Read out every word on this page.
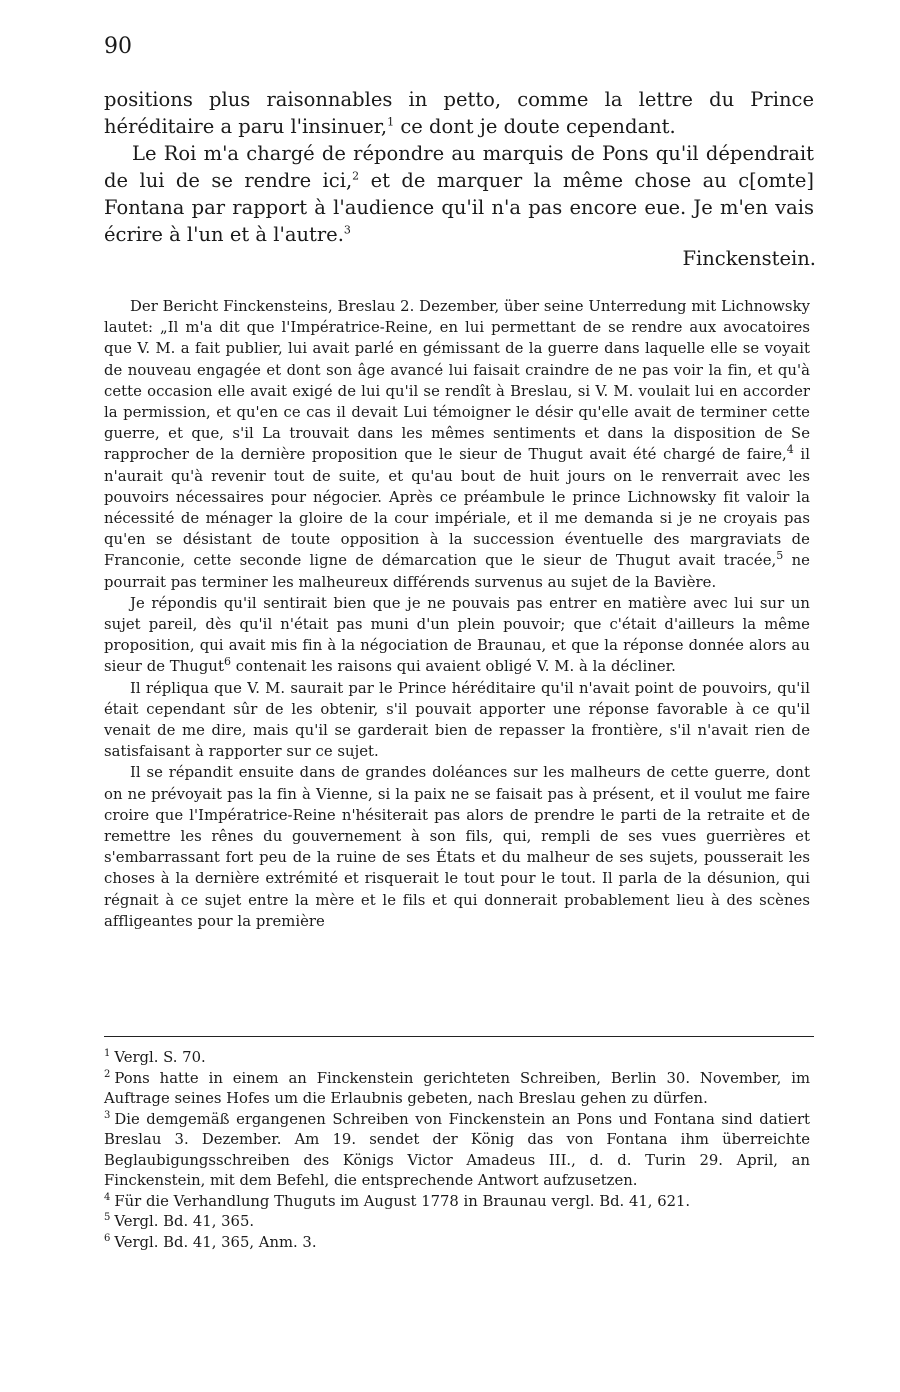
90

positions plus raisonnables in petto, comme la lettre du Prince héréditaire a paru l'insinuer,$^1$ ce dont je doute cependant.

Le Roi m'a chargé de répondre au marquis de Pons qu'il dépendrait de lui de se rendre ici,$^2$ et de marquer la même chose au c[omte] Fontana par rapport à l'audience qu'il n'a pas encore eue. Je m'en vais écrire à l'un et à l'autre.$^3$

Finckenstein.

Der Bericht Finckensteins, Breslau 2. Dezember, über seine Unterredung mit Lichnowsky lautet: „Il m'a dit que l'Impératrice-Reine, en lui permettant de se rendre aux avocatoires que V. M. a fait publier, lui avait parlé en gémissant de la guerre dans laquelle elle se voyait de nouveau engagée et dont son âge avancé lui faisait craindre de ne pas voir la fin, et qu'à cette occasion elle avait exigé de lui qu'il se rendît à Breslau, si V. M. voulait lui en accorder la permission, et qu'en ce cas il devait Lui témoigner le désir qu'elle avait de terminer cette guerre, et que, s'il La trouvait dans les mêmes sentiments et dans la disposition de Se rapprocher de la dernière proposition que le sieur de Thugut avait été chargé de faire,$^4$ il n'aurait qu'à revenir tout de suite, et qu'au bout de huit jours on le renverrait avec les pouvoirs nécessaires pour négocier. Après ce préambule le prince Lichnowsky fit valoir la nécessité de ménager la gloire de la cour impériale, et il me demanda si je ne croyais pas qu'en se désistant de toute opposition à la succession éventuelle des margraviats de Franconie, cette seconde ligne de démarcation que le sieur de Thugut avait tracée,$^5$ ne pourrait pas terminer les malheureux différends survenus au sujet de la Bavière.

Je répondis qu'il sentirait bien que je ne pouvais pas entrer en matière avec lui sur un sujet pareil, dès qu'il n'était pas muni d'un plein pouvoir; que c'était d'ailleurs la même proposition, qui avait mis fin à la négociation de Braunau, et que la réponse donnée alors au sieur de Thugut$^6$ contenait les raisons qui avaient obligé V. M. à la décliner.

Il répliqua que V. M. saurait par le Prince héréditaire qu'il n'avait point de pouvoirs, qu'il était cependant sûr de les obtenir, s'il pouvait apporter une réponse favorable à ce qu'il venait de me dire, mais qu'il se garderait bien de repasser la frontière, s'il n'avait rien de satisfaisant à rapporter sur ce sujet.

Il se répandit ensuite dans de grandes doléances sur les malheurs de cette guerre, dont on ne prévoyait pas la fin à Vienne, si la paix ne se faisait pas à présent, et il voulut me faire croire que l'Impératrice-Reine n'hésiterait pas alors de prendre le parti de la retraite et de remettre les rênes du gouvernement à son fils, qui, rempli de ses vues guerrières et s'embarrassant fort peu de la ruine de ses États et du malheur de ses sujets, pousserait les choses à la dernière extrémité et risquerait le tout pour le tout. Il parla de la désunion, qui régnait à ce sujet entre la mère et le fils et qui donnerait probablement lieu à des scènes affligeantes pour la première

$^1$ Vergl. S. 70.

$^2$ Pons hatte in einem an Finckenstein gerichteten Schreiben, Berlin 30. November, im Auftrage seines Hofes um die Erlaubnis gebeten, nach Breslau gehen zu dürfen.

$^3$ Die demgemäß ergangenen Schreiben von Finckenstein an Pons und Fontana sind datiert Breslau 3. Dezember. Am 19. sendet der König das von Fontana ihm überreichte Beglaubigungsschreiben des Königs Victor Amadeus III., d. d. Turin 29. April, an Finckenstein, mit dem Befehl, die entsprechende Antwort aufzusetzen.

$^4$ Für die Verhandlung Thuguts im August 1778 in Braunau vergl. Bd. 41, 621.

$^5$ Vergl. Bd. 41, 365.

$^6$ Vergl. Bd. 41, 365, Anm. 3.
